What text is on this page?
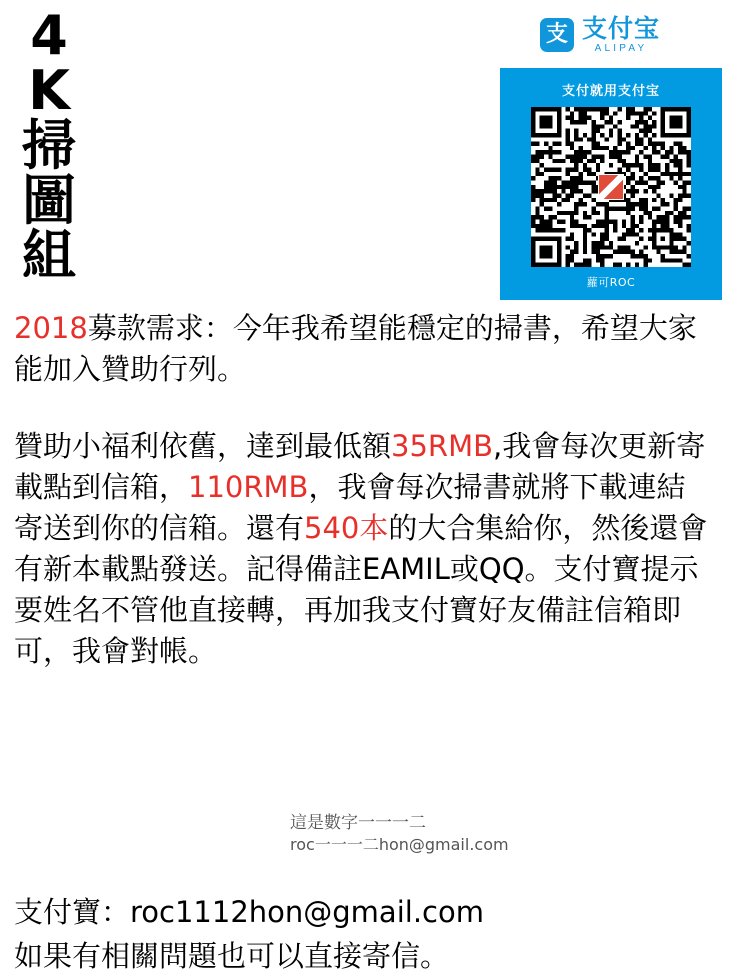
4
K
掃
圖
組
支
支付宝
ALIPAY
支付就用支付宝
蘿可ROC

2018募款需求：今年我希望能穩定的掃書，希望大家能加入贊助行列。

贊助小福利依舊，達到最低額35RMB,我會每次更新寄載點到信箱，110RMB，我會每次掃書就將下載連結寄送到你的信箱。還有540本的大合集給你，然後還會有新本載點發送。記得備註EAMIL或QQ。支付寶提示要姓名不管他直接轉，再加我支付寶好友備註信箱即可，我會對帳。

這是數字一一一二
roc一一一二hon@gmail.com
支付寶：roc1112hon@gmail.com
如果有相關問題也可以直接寄信。
